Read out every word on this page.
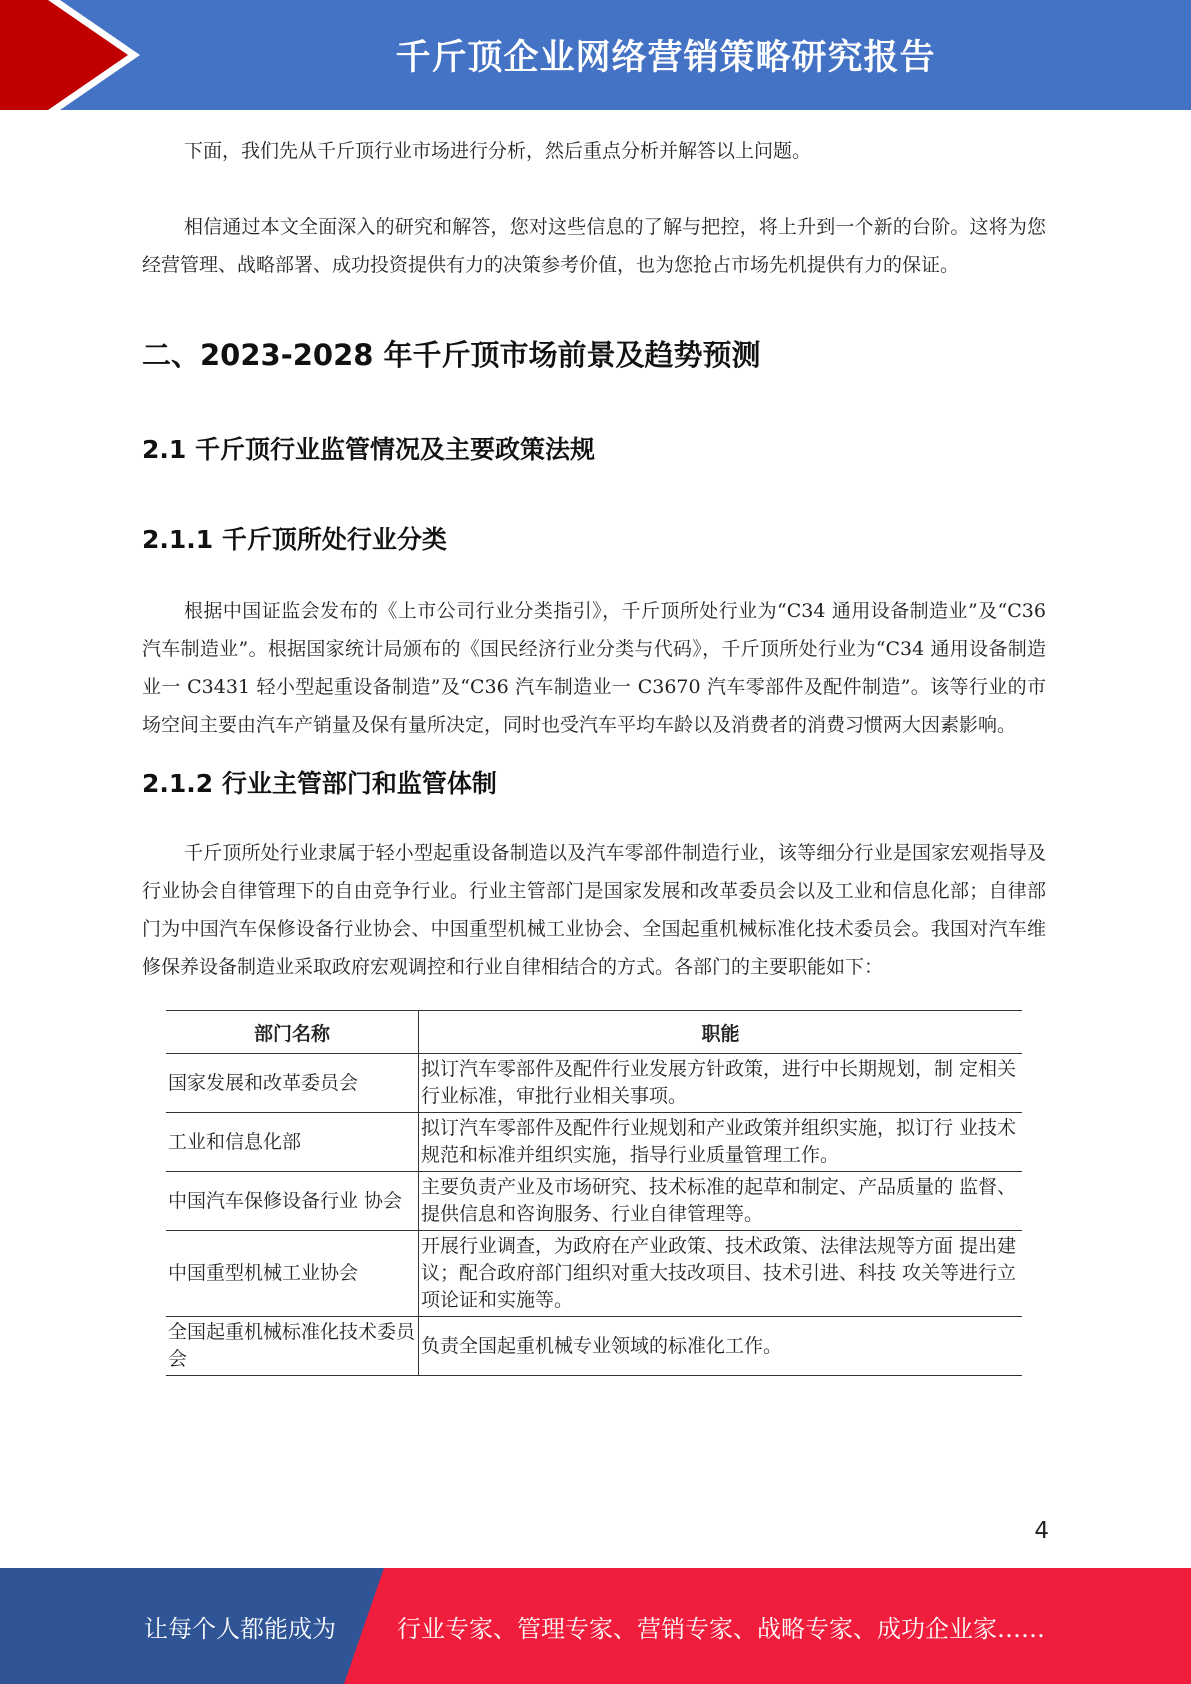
千斤顶企业网络营销策略研究报告

下面，我们先从千斤顶行业市场进行分析，然后重点分析并解答以上问题。

相信通过本文全面深入的研究和解答，您对这些信息的了解与把控，将上升到一个新的台阶。这将为您经营管理、战略部署、成功投资提供有力的决策参考价值，也为您抢占市场先机提供有力的保证。

二、2023-2028 年千斤顶市场前景及趋势预测
2.1 千斤顶行业监管情况及主要政策法规
2.1.1 千斤顶所处行业分类

根据中国证监会发布的《上市公司行业分类指引》，千斤顶所处行业为“C34 通用设备制造业”及“C36 汽车制造业”。根据国家统计局颁布的《国民经济行业分类与代码》，千斤顶所处行业为“C34 通用设备制造业一 C3431 轻小型起重设备制造”及“C36 汽车制造业一 C3670 汽车零部件及配件制造”。该等行业的市场空间主要由汽车产销量及保有量所决定，同时也受汽车平均车龄以及消费者的消费习惯两大因素影响。

2.1.2 行业主管部门和监管体制

千斤顶所处行业隶属于轻小型起重设备制造以及汽车零部件制造行业，该等细分行业是国家宏观指导及行业协会自律管理下的自由竞争行业。行业主管部门是国家发展和改革委员会以及工业和信息化部；自律部门为中国汽车保修设备行业协会、中国重型机械工业协会、全国起重机械标准化技术委员会。我国对汽车维修保养设备制造业采取政府宏观调控和行业自律相结合的方式。各部门的主要职能如下：

部门名称	职能
国家发展和改革委员会	拟订汽车零部件及配件行业发展方针政策，进行中长期规划，制 定相关行业标准，审批行业相关事项。
工业和信息化部	拟订汽车零部件及配件行业规划和产业政策并组织实施，拟订行 业技术规范和标准并组织实施，指导行业质量管理工作。
中国汽车保修设备行业 协会	主要负责产业及市场研究、技术标准的起草和制定、产品质量的 监督、提供信息和咨询服务、行业自律管理等。
中国重型机械工业协会	开展行业调查，为政府在产业政策、技术政策、法律法规等方面 提出建议；配合政府部门组织对重大技改项目、技术引进、科技 攻关等进行立项论证和实施等。
全国起重机械标准化技术委员会	负责全国起重机械专业领域的标准化工作。
4
让每个人都能成为	行业专家、管理专家、营销专家、战略专家、成功企业家……
